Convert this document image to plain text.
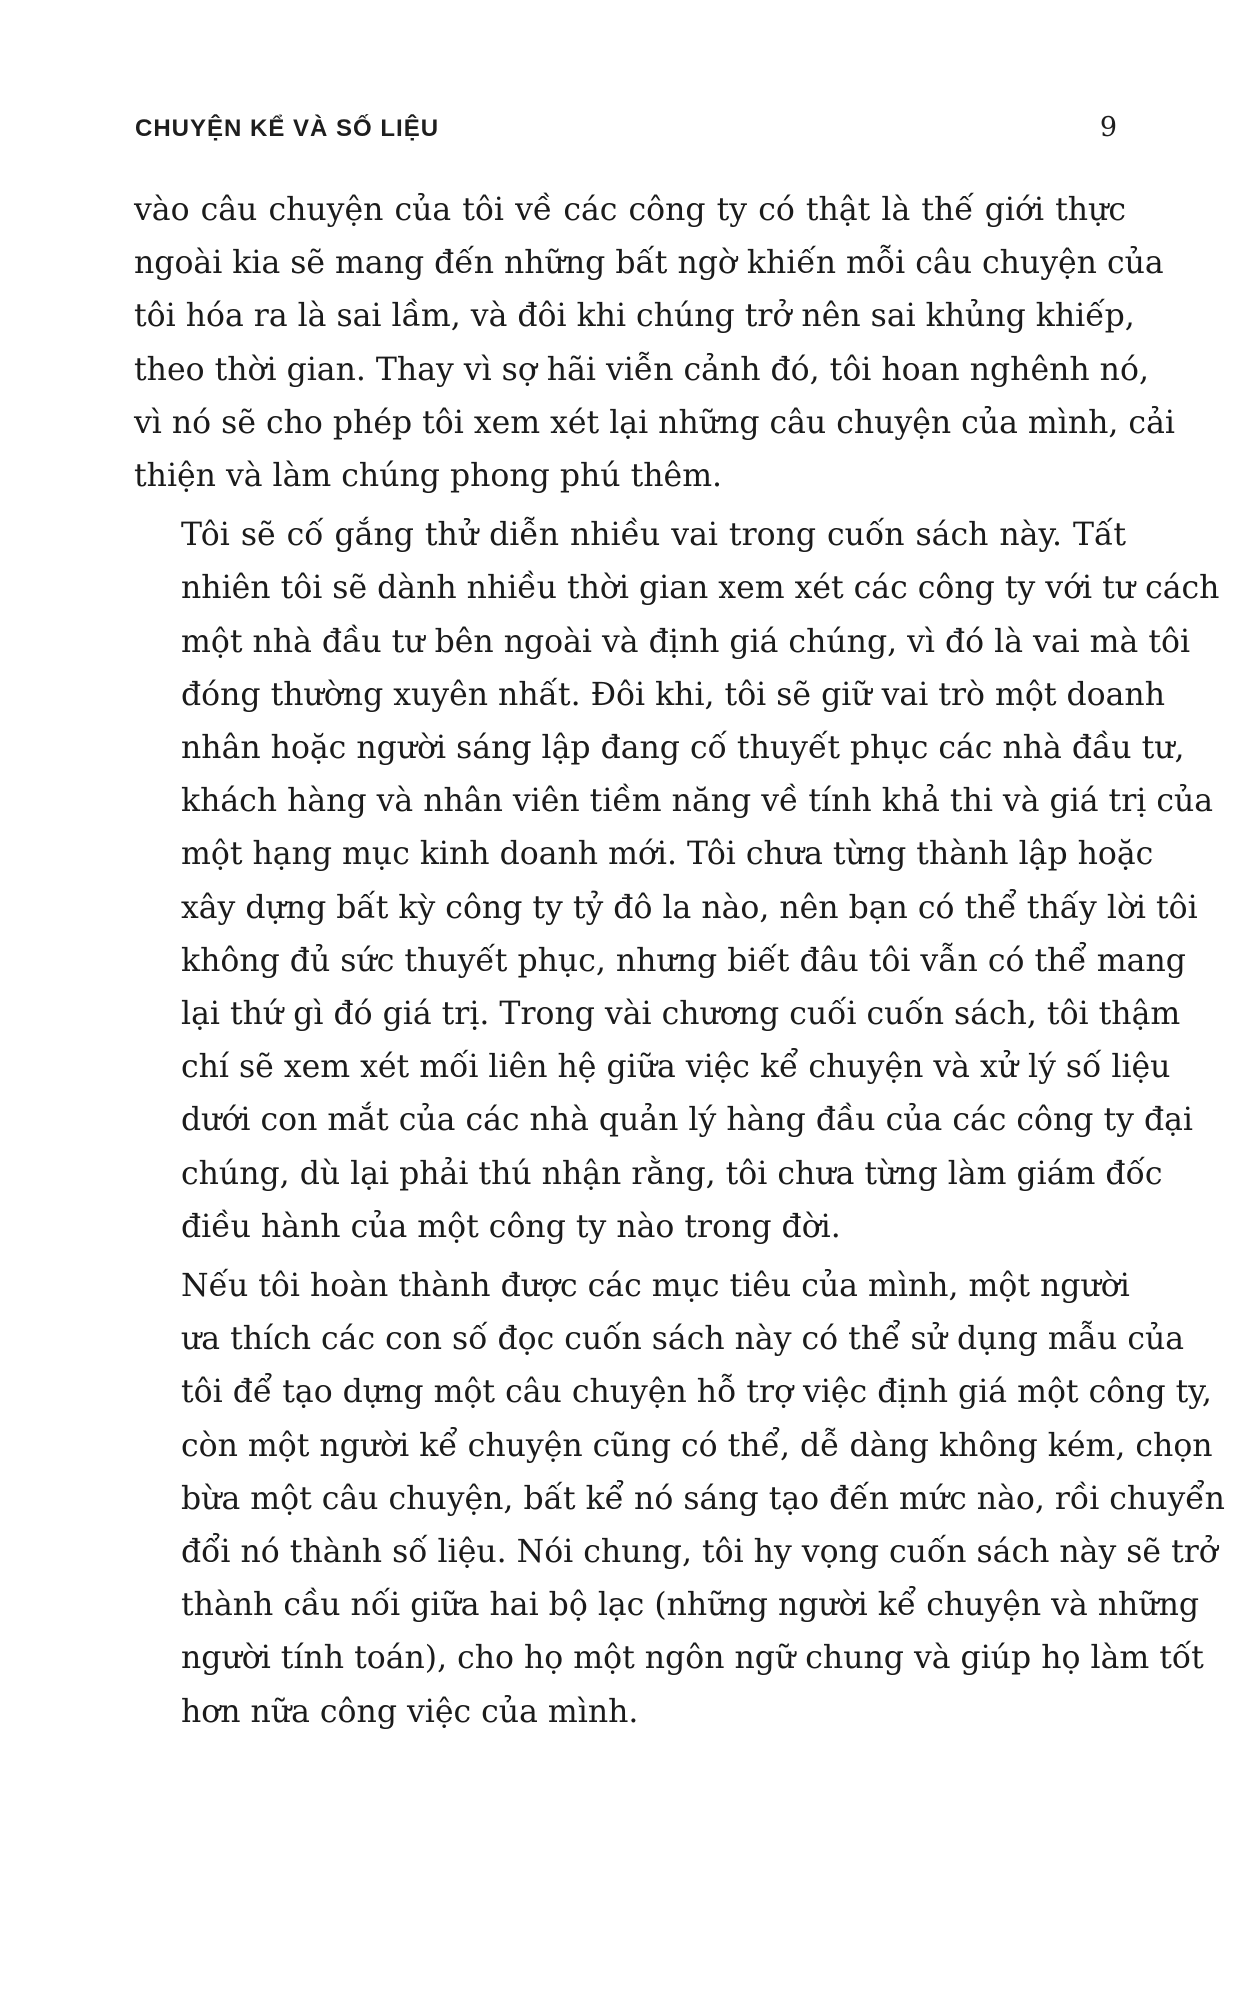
CHUYỆN KỂ VÀ SỐ LIỆU	9

vào câu chuyện của tôi về các công ty có thật là thế giới thực
ngoài kia sẽ mang đến những bất ngờ khiến mỗi câu chuyện của
tôi hóa ra là sai lầm, và đôi khi chúng trở nên sai khủng khiếp,
theo thời gian. Thay vì sợ hãi viễn cảnh đó, tôi hoan nghênh nó,
vì nó sẽ cho phép tôi xem xét lại những câu chuyện của mình, cải
thiện và làm chúng phong phú thêm.

Tôi sẽ cố gắng thử diễn nhiều vai trong cuốn sách này. Tất
nhiên tôi sẽ dành nhiều thời gian xem xét các công ty với tư cách
một nhà đầu tư bên ngoài và định giá chúng, vì đó là vai mà tôi
đóng thường xuyên nhất. Đôi khi, tôi sẽ giữ vai trò một doanh
nhân hoặc người sáng lập đang cố thuyết phục các nhà đầu tư,
khách hàng và nhân viên tiềm năng về tính khả thi và giá trị của
một hạng mục kinh doanh mới. Tôi chưa từng thành lập hoặc
xây dựng bất kỳ công ty tỷ đô la nào, nên bạn có thể thấy lời tôi
không đủ sức thuyết phục, nhưng biết đâu tôi vẫn có thể mang
lại thứ gì đó giá trị. Trong vài chương cuối cuốn sách, tôi thậm
chí sẽ xem xét mối liên hệ giữa việc kể chuyện và xử lý số liệu
dưới con mắt của các nhà quản lý hàng đầu của các công ty đại
chúng, dù lại phải thú nhận rằng, tôi chưa từng làm giám đốc
điều hành của một công ty nào trong đời.

Nếu tôi hoàn thành được các mục tiêu của mình, một người
ưa thích các con số đọc cuốn sách này có thể sử dụng mẫu của
tôi để tạo dựng một câu chuyện hỗ trợ việc định giá một công ty,
còn một người kể chuyện cũng có thể, dễ dàng không kém, chọn
bừa một câu chuyện, bất kể nó sáng tạo đến mức nào, rồi chuyển
đổi nó thành số liệu. Nói chung, tôi hy vọng cuốn sách này sẽ trở
thành cầu nối giữa hai bộ lạc (những người kể chuyện và những
người tính toán), cho họ một ngôn ngữ chung và giúp họ làm tốt
hơn nữa công việc của mình.
